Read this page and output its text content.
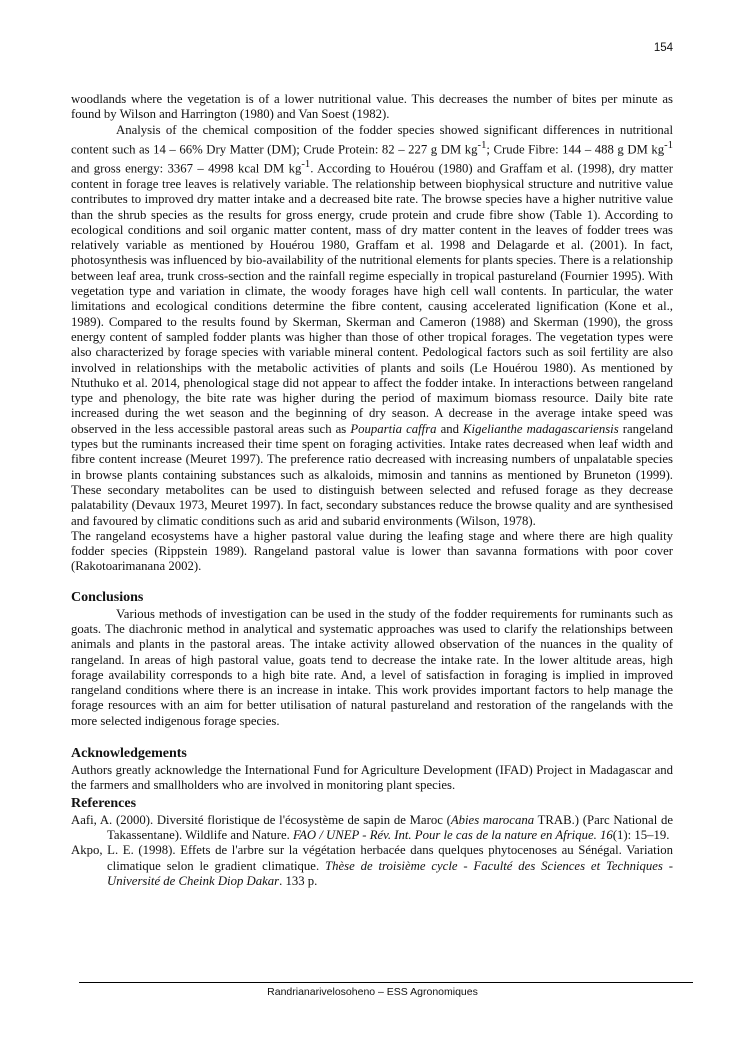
154

woodlands where the vegetation is of a lower nutritional value. This decreases the number of bites per minute as found by Wilson and Harrington (1980) and Van Soest (1982).

Analysis of the chemical composition of the fodder species showed significant differences in nutritional content such as 14 – 66% Dry Matter (DM); Crude Protein: 82 – 227 g DM $kg^{-1}$; Crude Fibre: 144 – 488 g DM $kg^{-1}$ and gross energy: 3367 – 4998 kcal DM $kg^{-1}$. According to Houérou (1980) and Graffam et al. (1998), dry matter content in forage tree leaves is relatively variable. The relationship between biophysical structure and nutritive value contributes to improved dry matter intake and a decreased bite rate. The browse species have a higher nutritive value than the shrub species as the results for gross energy, crude protein and crude fibre show (Table 1). According to ecological conditions and soil organic matter content, mass of dry matter content in the leaves of fodder trees was relatively variable as mentioned by Houérou 1980, Graffam et al. 1998 and Delagarde et al. (2001). In fact, photosynthesis was influenced by bio-availability of the nutritional elements for plants species. There is a relationship between leaf area, trunk cross-section and the rainfall regime especially in tropical pastureland (Fournier 1995). With vegetation type and variation in climate, the woody forages have high cell wall contents. In particular, the water limitations and ecological conditions determine the fibre content, causing accelerated lignification (Kone et al., 1989). Compared to the results found by Skerman, Skerman and Cameron (1988) and Skerman (1990), the gross energy content of sampled fodder plants was higher than those of other tropical forages. The vegetation types were also characterized by forage species with variable mineral content. Pedological factors such as soil fertility are also involved in relationships with the metabolic activities of plants and soils (Le Houérou 1980). As mentioned by Ntuthuko et al. 2014, phenological stage did not appear to affect the fodder intake. In interactions between rangeland type and phenology, the bite rate was higher during the period of maximum biomass resource. Daily bite rate increased during the wet season and the beginning of dry season. A decrease in the average intake speed was observed in the less accessible pastoral areas such as Poupartia caffra and Kigelianthe madagascariensis rangeland types but the ruminants increased their time spent on foraging activities. Intake rates decreased when leaf width and fibre content increase (Meuret 1997). The preference ratio decreased with increasing numbers of unpalatable species in browse plants containing substances such as alkaloids, mimosin and tannins as mentioned by Bruneton (1999). These secondary metabolites can be used to distinguish between selected and refused forage as they decrease palatability (Devaux 1973, Meuret 1997). In fact, secondary substances reduce the browse quality and are synthesised and favoured by climatic conditions such as arid and subarid environments (Wilson, 1978).

The rangeland ecosystems have a higher pastoral value during the leafing stage and where there are high quality fodder species (Rippstein 1989). Rangeland pastoral value is lower than savanna formations with poor cover (Rakotoarimanana 2002).

Conclusions

Various methods of investigation can be used in the study of the fodder requirements for ruminants such as goats. The diachronic method in analytical and systematic approaches was used to clarify the relationships between animals and plants in the pastoral areas. The intake activity allowed observation of the nuances in the quality of rangeland. In areas of high pastoral value, goats tend to decrease the intake rate. In the lower altitude areas, high forage availability corresponds to a high bite rate. And, a level of satisfaction in foraging is implied in improved rangeland conditions where there is an increase in intake. This work provides important factors to help manage the forage resources with an aim for better utilisation of natural pastureland and restoration of the rangelands with the more selected indigenous forage species.

Acknowledgements

Authors greatly acknowledge the International Fund for Agriculture Development (IFAD) Project in Madagascar and the farmers and smallholders who are involved in monitoring plant species.

References

Aafi, A. (2000). Diversité floristique de l'écosystème de sapin de Maroc (Abies marocana TRAB.) (Parc National de Takassentane). Wildlife and Nature. FAO / UNEP - Rév. Int. Pour le cas de la nature en Afrique. 16(1): 15–19.

Akpo, L. E. (1998). Effets de l'arbre sur la végétation herbacée dans quelques phytocenoses au Sénégal. Variation climatique selon le gradient climatique. Thèse de troisième cycle - Faculté des Sciences et Techniques - Université de Cheink Diop Dakar. 133 p.

Randrianarivelosoheno – ESS Agronomiques
